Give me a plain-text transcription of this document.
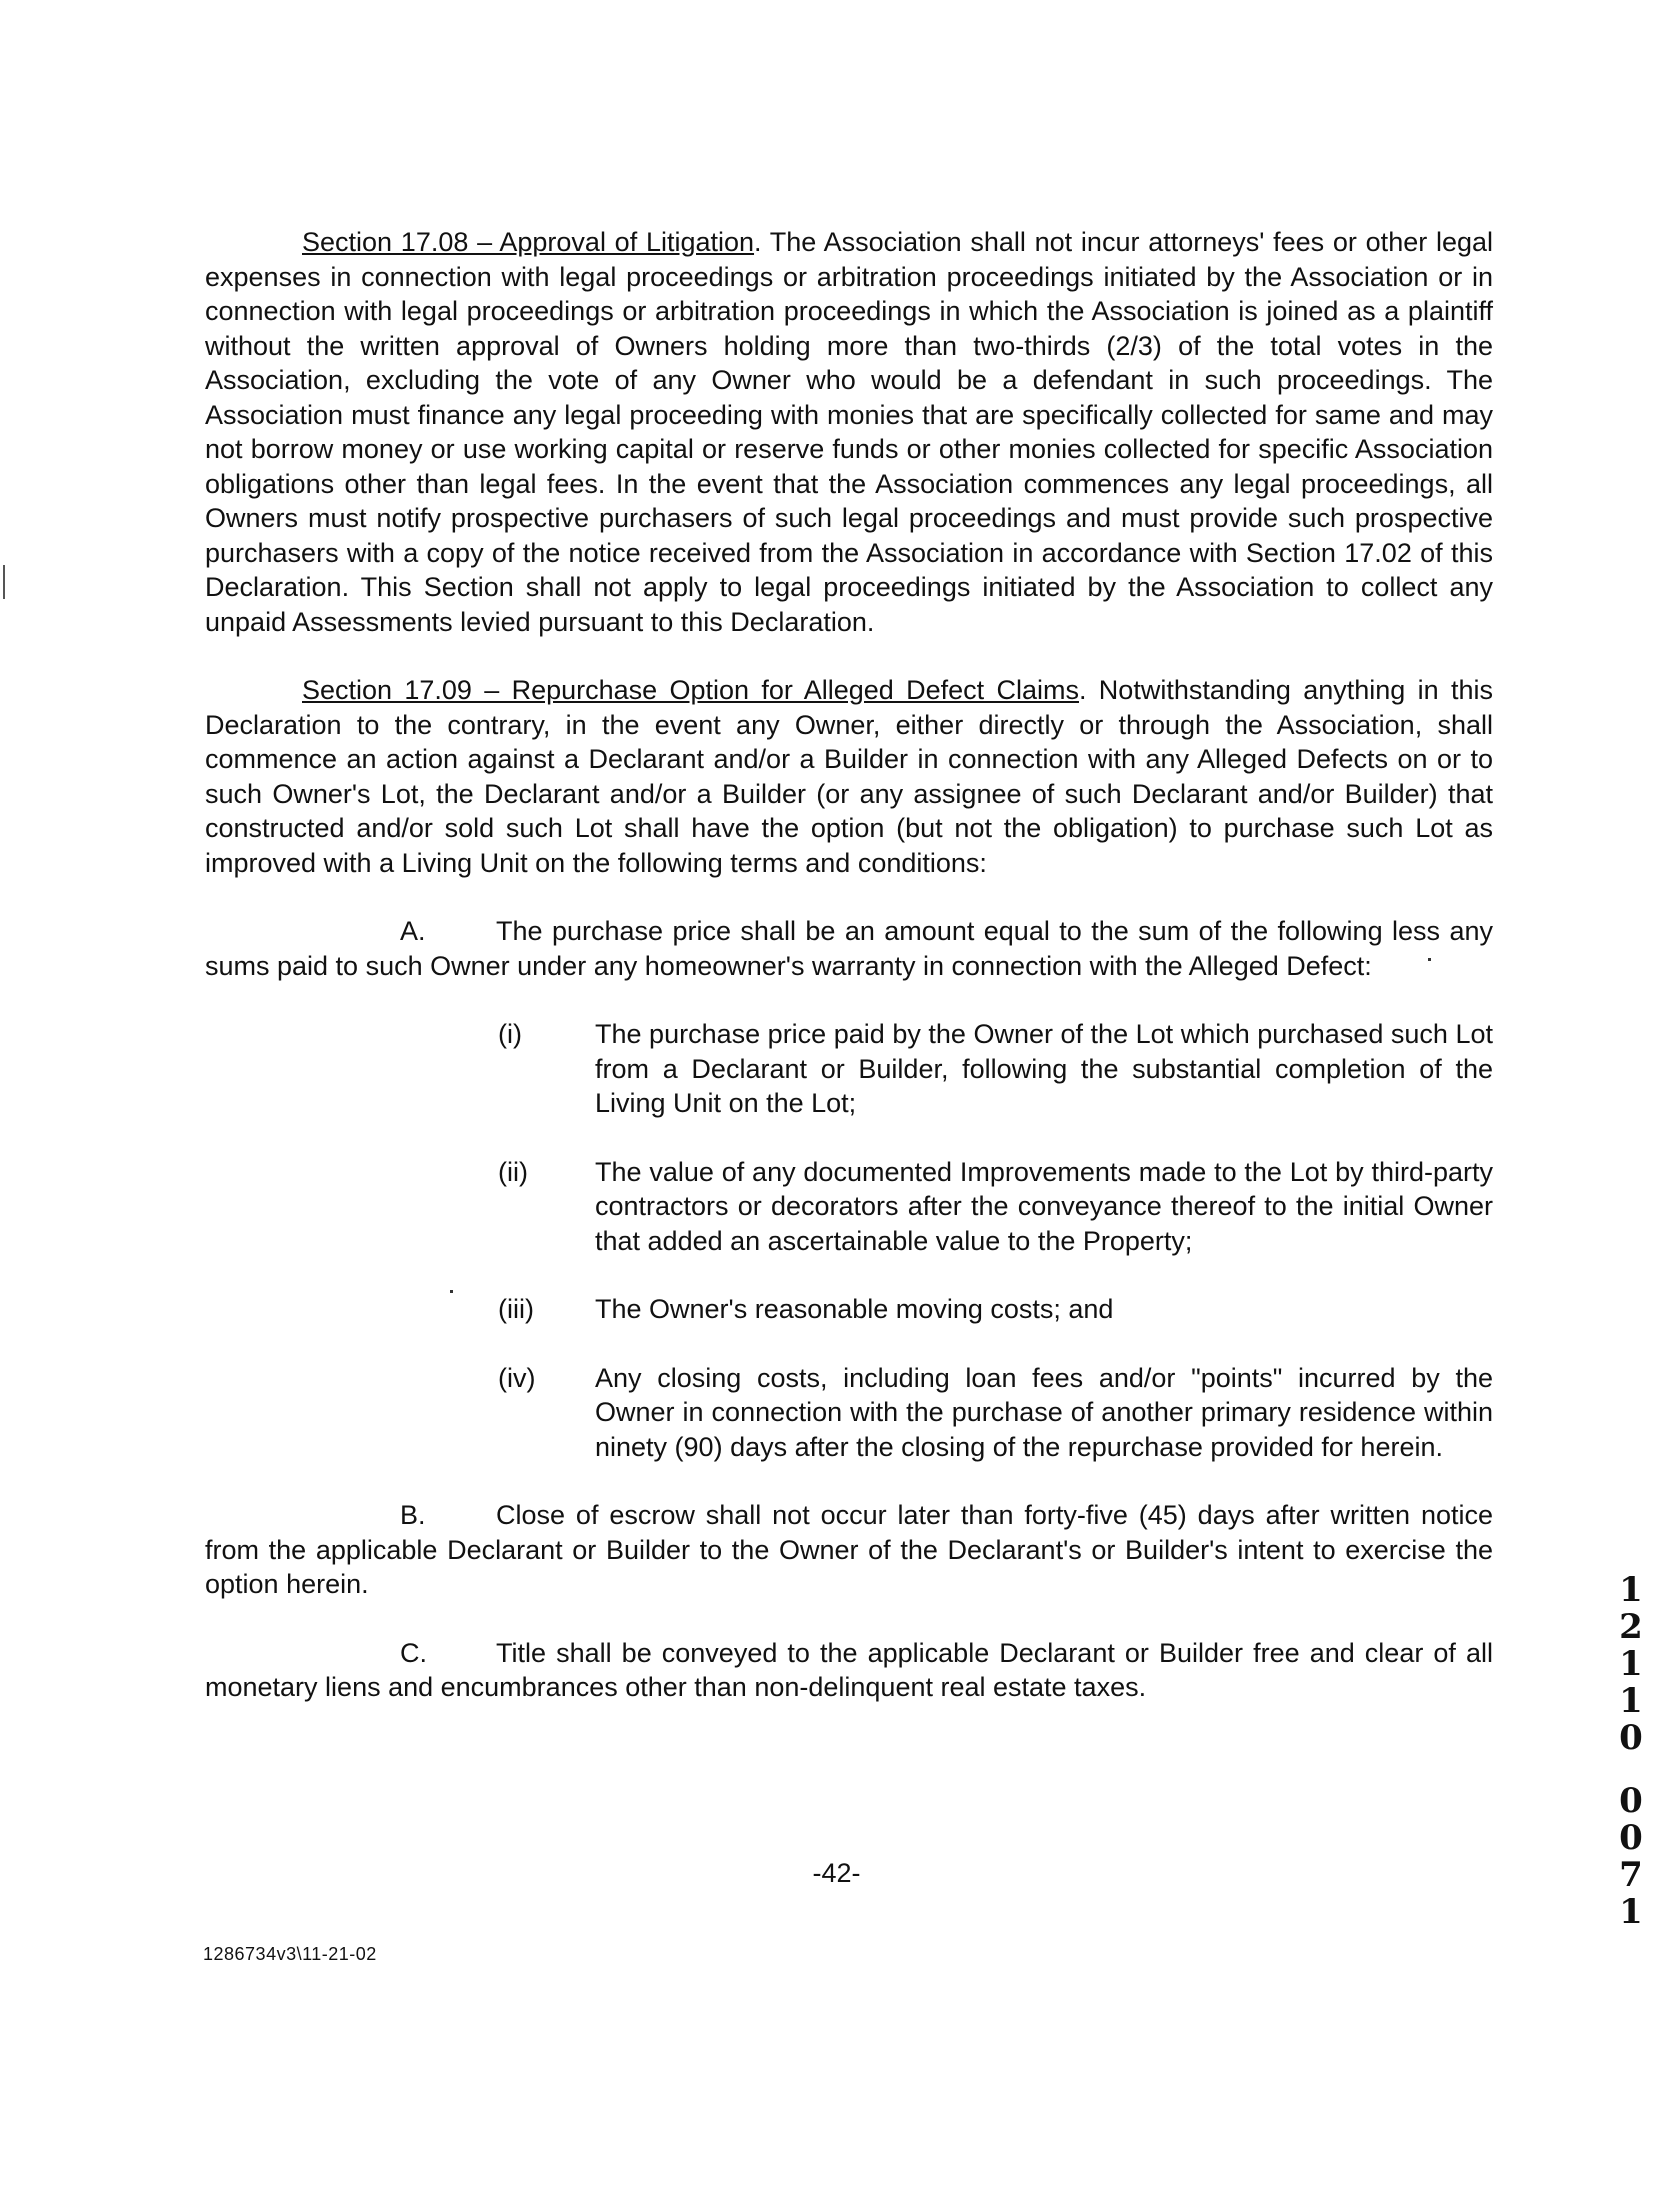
Section 17.08 – Approval of Litigation. The Association shall not incur attorneys' fees or other legal expenses in connection with legal proceedings or arbitration proceedings initiated by the Association or in connection with legal proceedings or arbitration proceedings in which the Association is joined as a plaintiff without the written approval of Owners holding more than two-thirds (2/3) of the total votes in the Association, excluding the vote of any Owner who would be a defendant in such proceedings. The Association must finance any legal proceeding with monies that are specifically collected for same and may not borrow money or use working capital or reserve funds or other monies collected for specific Association obligations other than legal fees. In the event that the Association commences any legal proceedings, all Owners must notify prospective purchasers of such legal proceedings and must provide such prospective purchasers with a copy of the notice received from the Association in accordance with Section 17.02 of this Declaration. This Section shall not apply to legal proceedings initiated by the Association to collect any unpaid Assessments levied pursuant to this Declaration.

Section 17.09 – Repurchase Option for Alleged Defect Claims. Notwithstanding anything in this Declaration to the contrary, in the event any Owner, either directly or through the Association, shall commence an action against a Declarant and/or a Builder in connection with any Alleged Defects on or to such Owner's Lot, the Declarant and/or a Builder (or any assignee of such Declarant and/or Builder) that constructed and/or sold such Lot shall have the option (but not the obligation) to purchase such Lot as improved with a Living Unit on the following terms and conditions:

A.	The purchase price shall be an amount equal to the sum of the following less any sums paid to such Owner under any homeowner's warranty in connection with the Alleged Defect:

(i)	The purchase price paid by the Owner of the Lot which purchased such Lot from a Declarant or Builder, following the substantial completion of the Living Unit on the Lot;
(ii)	The value of any documented Improvements made to the Lot by third-party contractors or decorators after the conveyance thereof to the initial Owner that added an ascertainable value to the Property;
(iii)	The Owner's reasonable moving costs; and
(iv)	Any closing costs, including loan fees and/or "points" incurred by the Owner in connection with the purchase of another primary residence within ninety (90) days after the closing of the repurchase provided for herein.

B.	Close of escrow shall not occur later than forty-five (45) days after written notice from the applicable Declarant or Builder to the Owner of the Declarant's or Builder's intent to exercise the option herein.

C.	Title shall be conveyed to the applicable Declarant or Builder free and clear of all monetary liens and encumbrances other than non-delinquent real estate taxes.

-42-
1286734v3\11-21-02
1
2
1
1
0
0
0
7
1
